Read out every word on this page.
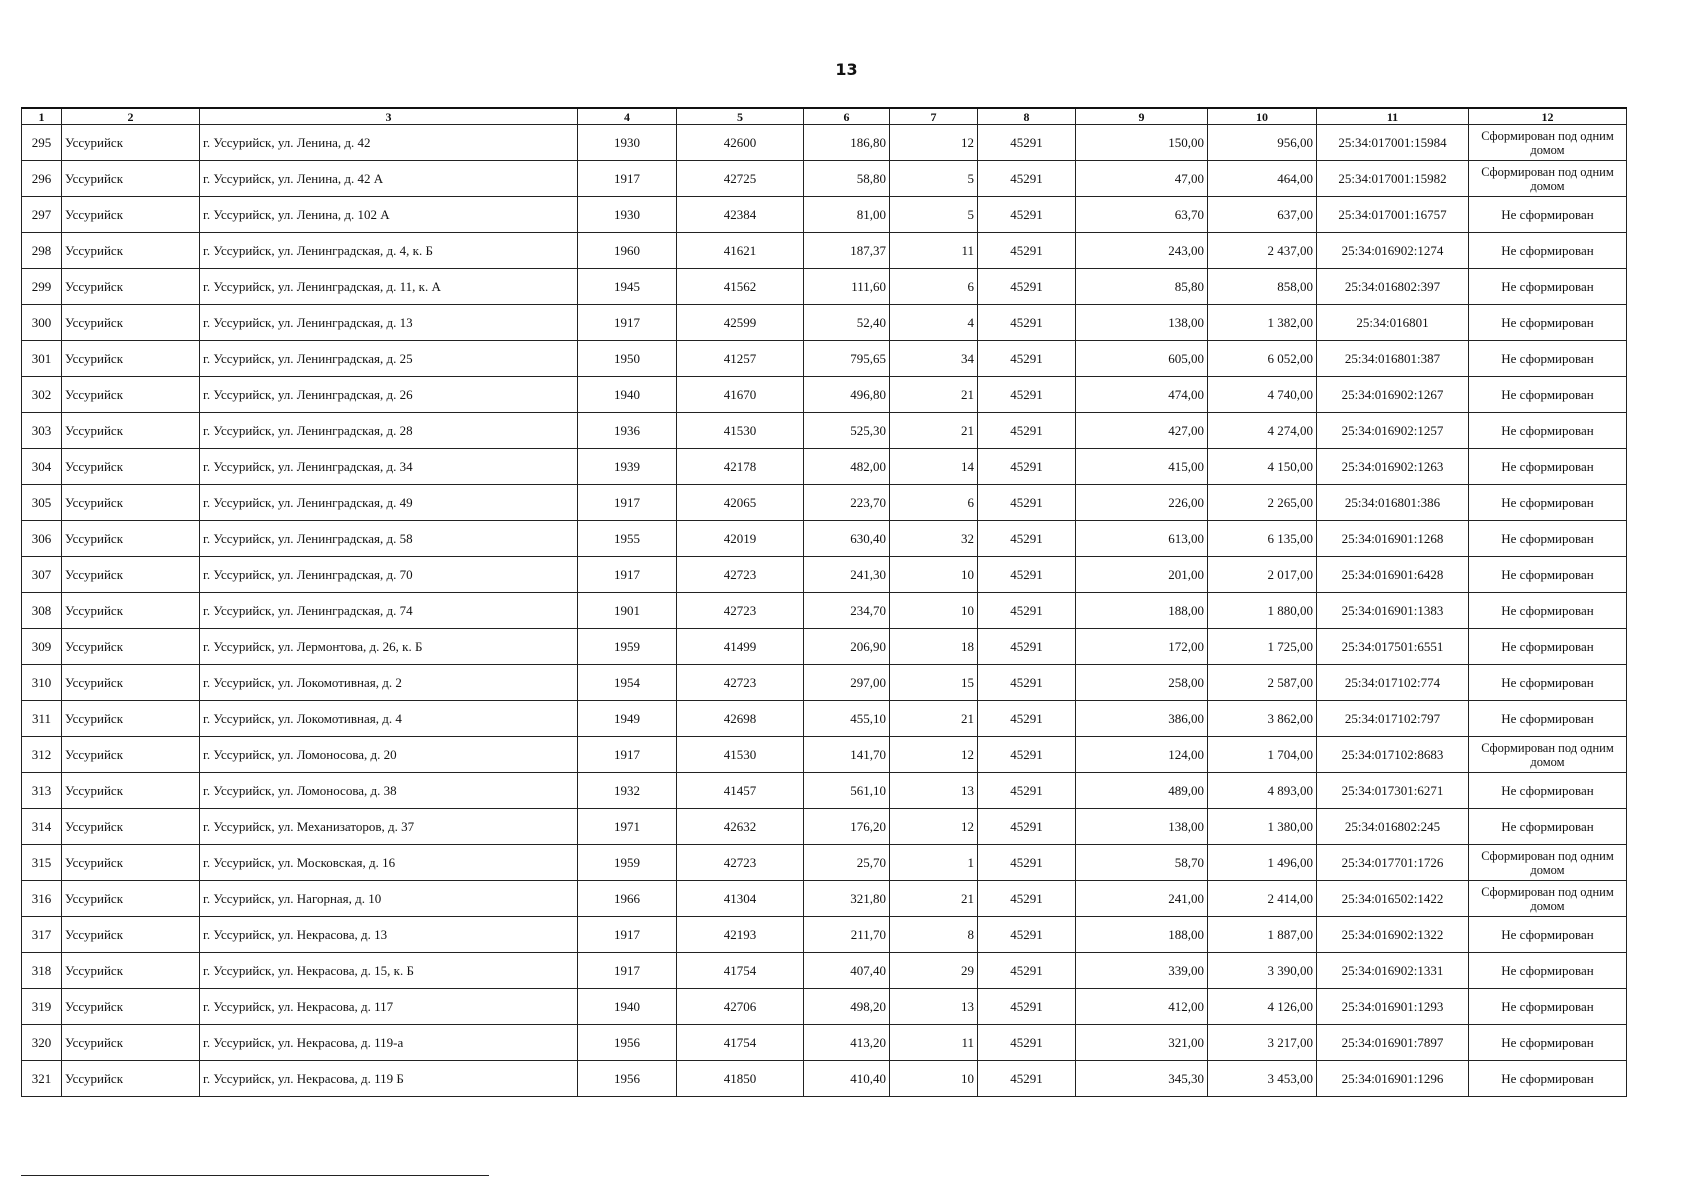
13
1	2	3	4	5	6	7	8	9	10	11	12
295	Уссурийск	г. Уссурийск, ул. Ленина, д. 42	1930	42600	186,80	12	45291	150,00	956,00	25:34:017001:15984	Сформирован под одним домом
296	Уссурийск	г. Уссурийск, ул. Ленина, д. 42 А	1917	42725	58,80	5	45291	47,00	464,00	25:34:017001:15982	Сформирован под одним домом
297	Уссурийск	г. Уссурийск, ул. Ленина, д. 102 А	1930	42384	81,00	5	45291	63,70	637,00	25:34:017001:16757	Не сформирован
298	Уссурийск	г. Уссурийск, ул. Ленинградская, д. 4, к. Б	1960	41621	187,37	11	45291	243,00	2 437,00	25:34:016902:1274	Не сформирован
299	Уссурийск	г. Уссурийск, ул. Ленинградская, д. 11, к. А	1945	41562	111,60	6	45291	85,80	858,00	25:34:016802:397	Не сформирован
300	Уссурийск	г. Уссурийск, ул. Ленинградская, д. 13	1917	42599	52,40	4	45291	138,00	1 382,00	25:34:016801	Не сформирован
301	Уссурийск	г. Уссурийск, ул. Ленинградская, д. 25	1950	41257	795,65	34	45291	605,00	6 052,00	25:34:016801:387	Не сформирован
302	Уссурийск	г. Уссурийск, ул. Ленинградская, д. 26	1940	41670	496,80	21	45291	474,00	4 740,00	25:34:016902:1267	Не сформирован
303	Уссурийск	г. Уссурийск, ул. Ленинградская, д. 28	1936	41530	525,30	21	45291	427,00	4 274,00	25:34:016902:1257	Не сформирован
304	Уссурийск	г. Уссурийск, ул. Ленинградская, д. 34	1939	42178	482,00	14	45291	415,00	4 150,00	25:34:016902:1263	Не сформирован
305	Уссурийск	г. Уссурийск, ул. Ленинградская, д. 49	1917	42065	223,70	6	45291	226,00	2 265,00	25:34:016801:386	Не сформирован
306	Уссурийск	г. Уссурийск, ул. Ленинградская, д. 58	1955	42019	630,40	32	45291	613,00	6 135,00	25:34:016901:1268	Не сформирован
307	Уссурийск	г. Уссурийск, ул. Ленинградская, д. 70	1917	42723	241,30	10	45291	201,00	2 017,00	25:34:016901:6428	Не сформирован
308	Уссурийск	г. Уссурийск, ул. Ленинградская, д. 74	1901	42723	234,70	10	45291	188,00	1 880,00	25:34:016901:1383	Не сформирован
309	Уссурийск	г. Уссурийск, ул. Лермонтова, д. 26, к. Б	1959	41499	206,90	18	45291	172,00	1 725,00	25:34:017501:6551	Не сформирован
310	Уссурийск	г. Уссурийск, ул. Локомотивная, д. 2	1954	42723	297,00	15	45291	258,00	2 587,00	25:34:017102:774	Не сформирован
311	Уссурийск	г. Уссурийск, ул. Локомотивная, д. 4	1949	42698	455,10	21	45291	386,00	3 862,00	25:34:017102:797	Не сформирован
312	Уссурийск	г. Уссурийск, ул. Ломоносова, д. 20	1917	41530	141,70	12	45291	124,00	1 704,00	25:34:017102:8683	Сформирован под одним домом
313	Уссурийск	г. Уссурийск, ул. Ломоносова, д. 38	1932	41457	561,10	13	45291	489,00	4 893,00	25:34:017301:6271	Не сформирован
314	Уссурийск	г. Уссурийск, ул. Механизаторов, д. 37	1971	42632	176,20	12	45291	138,00	1 380,00	25:34:016802:245	Не сформирован
315	Уссурийск	г. Уссурийск, ул. Московская, д. 16	1959	42723	25,70	1	45291	58,70	1 496,00	25:34:017701:1726	Сформирован под одним домом
316	Уссурийск	г. Уссурийск, ул. Нагорная, д. 10	1966	41304	321,80	21	45291	241,00	2 414,00	25:34:016502:1422	Сформирован под одним домом
317	Уссурийск	г. Уссурийск, ул. Некрасова, д. 13	1917	42193	211,70	8	45291	188,00	1 887,00	25:34:016902:1322	Не сформирован
318	Уссурийск	г. Уссурийск, ул. Некрасова, д. 15, к. Б	1917	41754	407,40	29	45291	339,00	3 390,00	25:34:016902:1331	Не сформирован
319	Уссурийск	г. Уссурийск, ул. Некрасова, д. 117	1940	42706	498,20	13	45291	412,00	4 126,00	25:34:016901:1293	Не сформирован
320	Уссурийск	г. Уссурийск, ул. Некрасова, д. 119-а	1956	41754	413,20	11	45291	321,00	3 217,00	25:34:016901:7897	Не сформирован
321	Уссурийск	г. Уссурийск, ул. Некрасова, д. 119 Б	1956	41850	410,40	10	45291	345,30	3 453,00	25:34:016901:1296	Не сформирован
